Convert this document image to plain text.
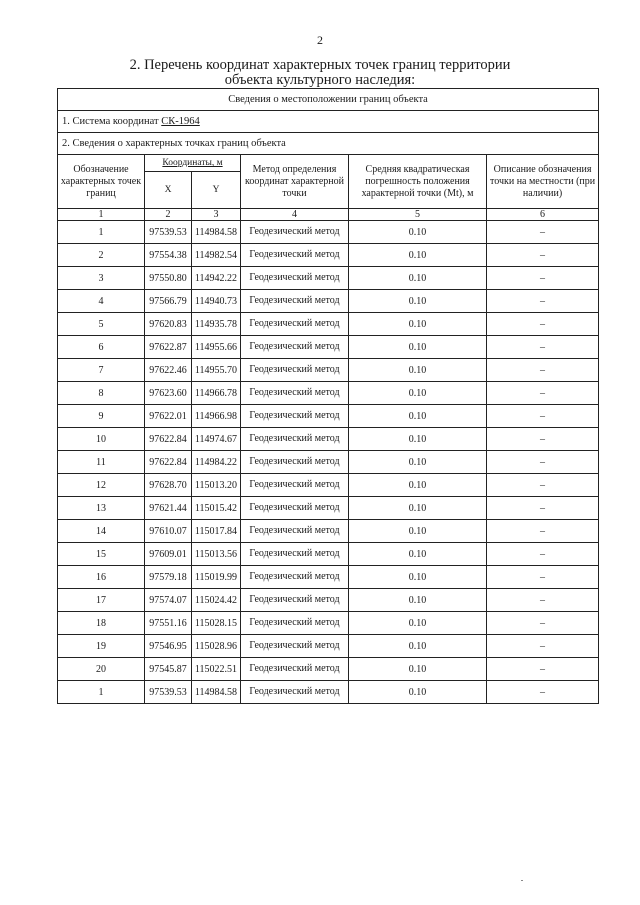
2
2. Перечень координат характерных точек границ территории
объекта культурного наследия:
Сведения о местоположении границ объекта					
1. Система координат СК-1964					
2. Сведения о характерных точках границ объекта					
Обозначение характерных точек границ	Координаты, м		Метод определения координат характерной точки	Средняя квадратическая погрешность положения характерной точки (Mt), м	Описание обозначения точки на местности (при наличии)
	X	Y			
1	2	3	4	5	6
1	97539.53	114984.58	Геодезический метод	0.10	–
2	97554.38	114982.54	Геодезический метод	0.10	–
3	97550.80	114942.22	Геодезический метод	0.10	–
4	97566.79	114940.73	Геодезический метод	0.10	–
5	97620.83	114935.78	Геодезический метод	0.10	–
6	97622.87	114955.66	Геодезический метод	0.10	–
7	97622.46	114955.70	Геодезический метод	0.10	–
8	97623.60	114966.78	Геодезический метод	0.10	–
9	97622.01	114966.98	Геодезический метод	0.10	–
10	97622.84	114974.67	Геодезический метод	0.10	–
11	97622.84	114984.22	Геодезический метод	0.10	–
12	97628.70	115013.20	Геодезический метод	0.10	–
13	97621.44	115015.42	Геодезический метод	0.10	–
14	97610.07	115017.84	Геодезический метод	0.10	–
15	97609.01	115013.56	Геодезический метод	0.10	–
16	97579.18	115019.99	Геодезический метод	0.10	–
17	97574.07	115024.42	Геодезический метод	0.10	–
18	97551.16	115028.15	Геодезический метод	0.10	–
19	97546.95	115028.96	Геодезический метод	0.10	–
20	97545.87	115022.51	Геодезический метод	0.10	–
1	97539.53	114984.58	Геодезический метод	0.10	–
